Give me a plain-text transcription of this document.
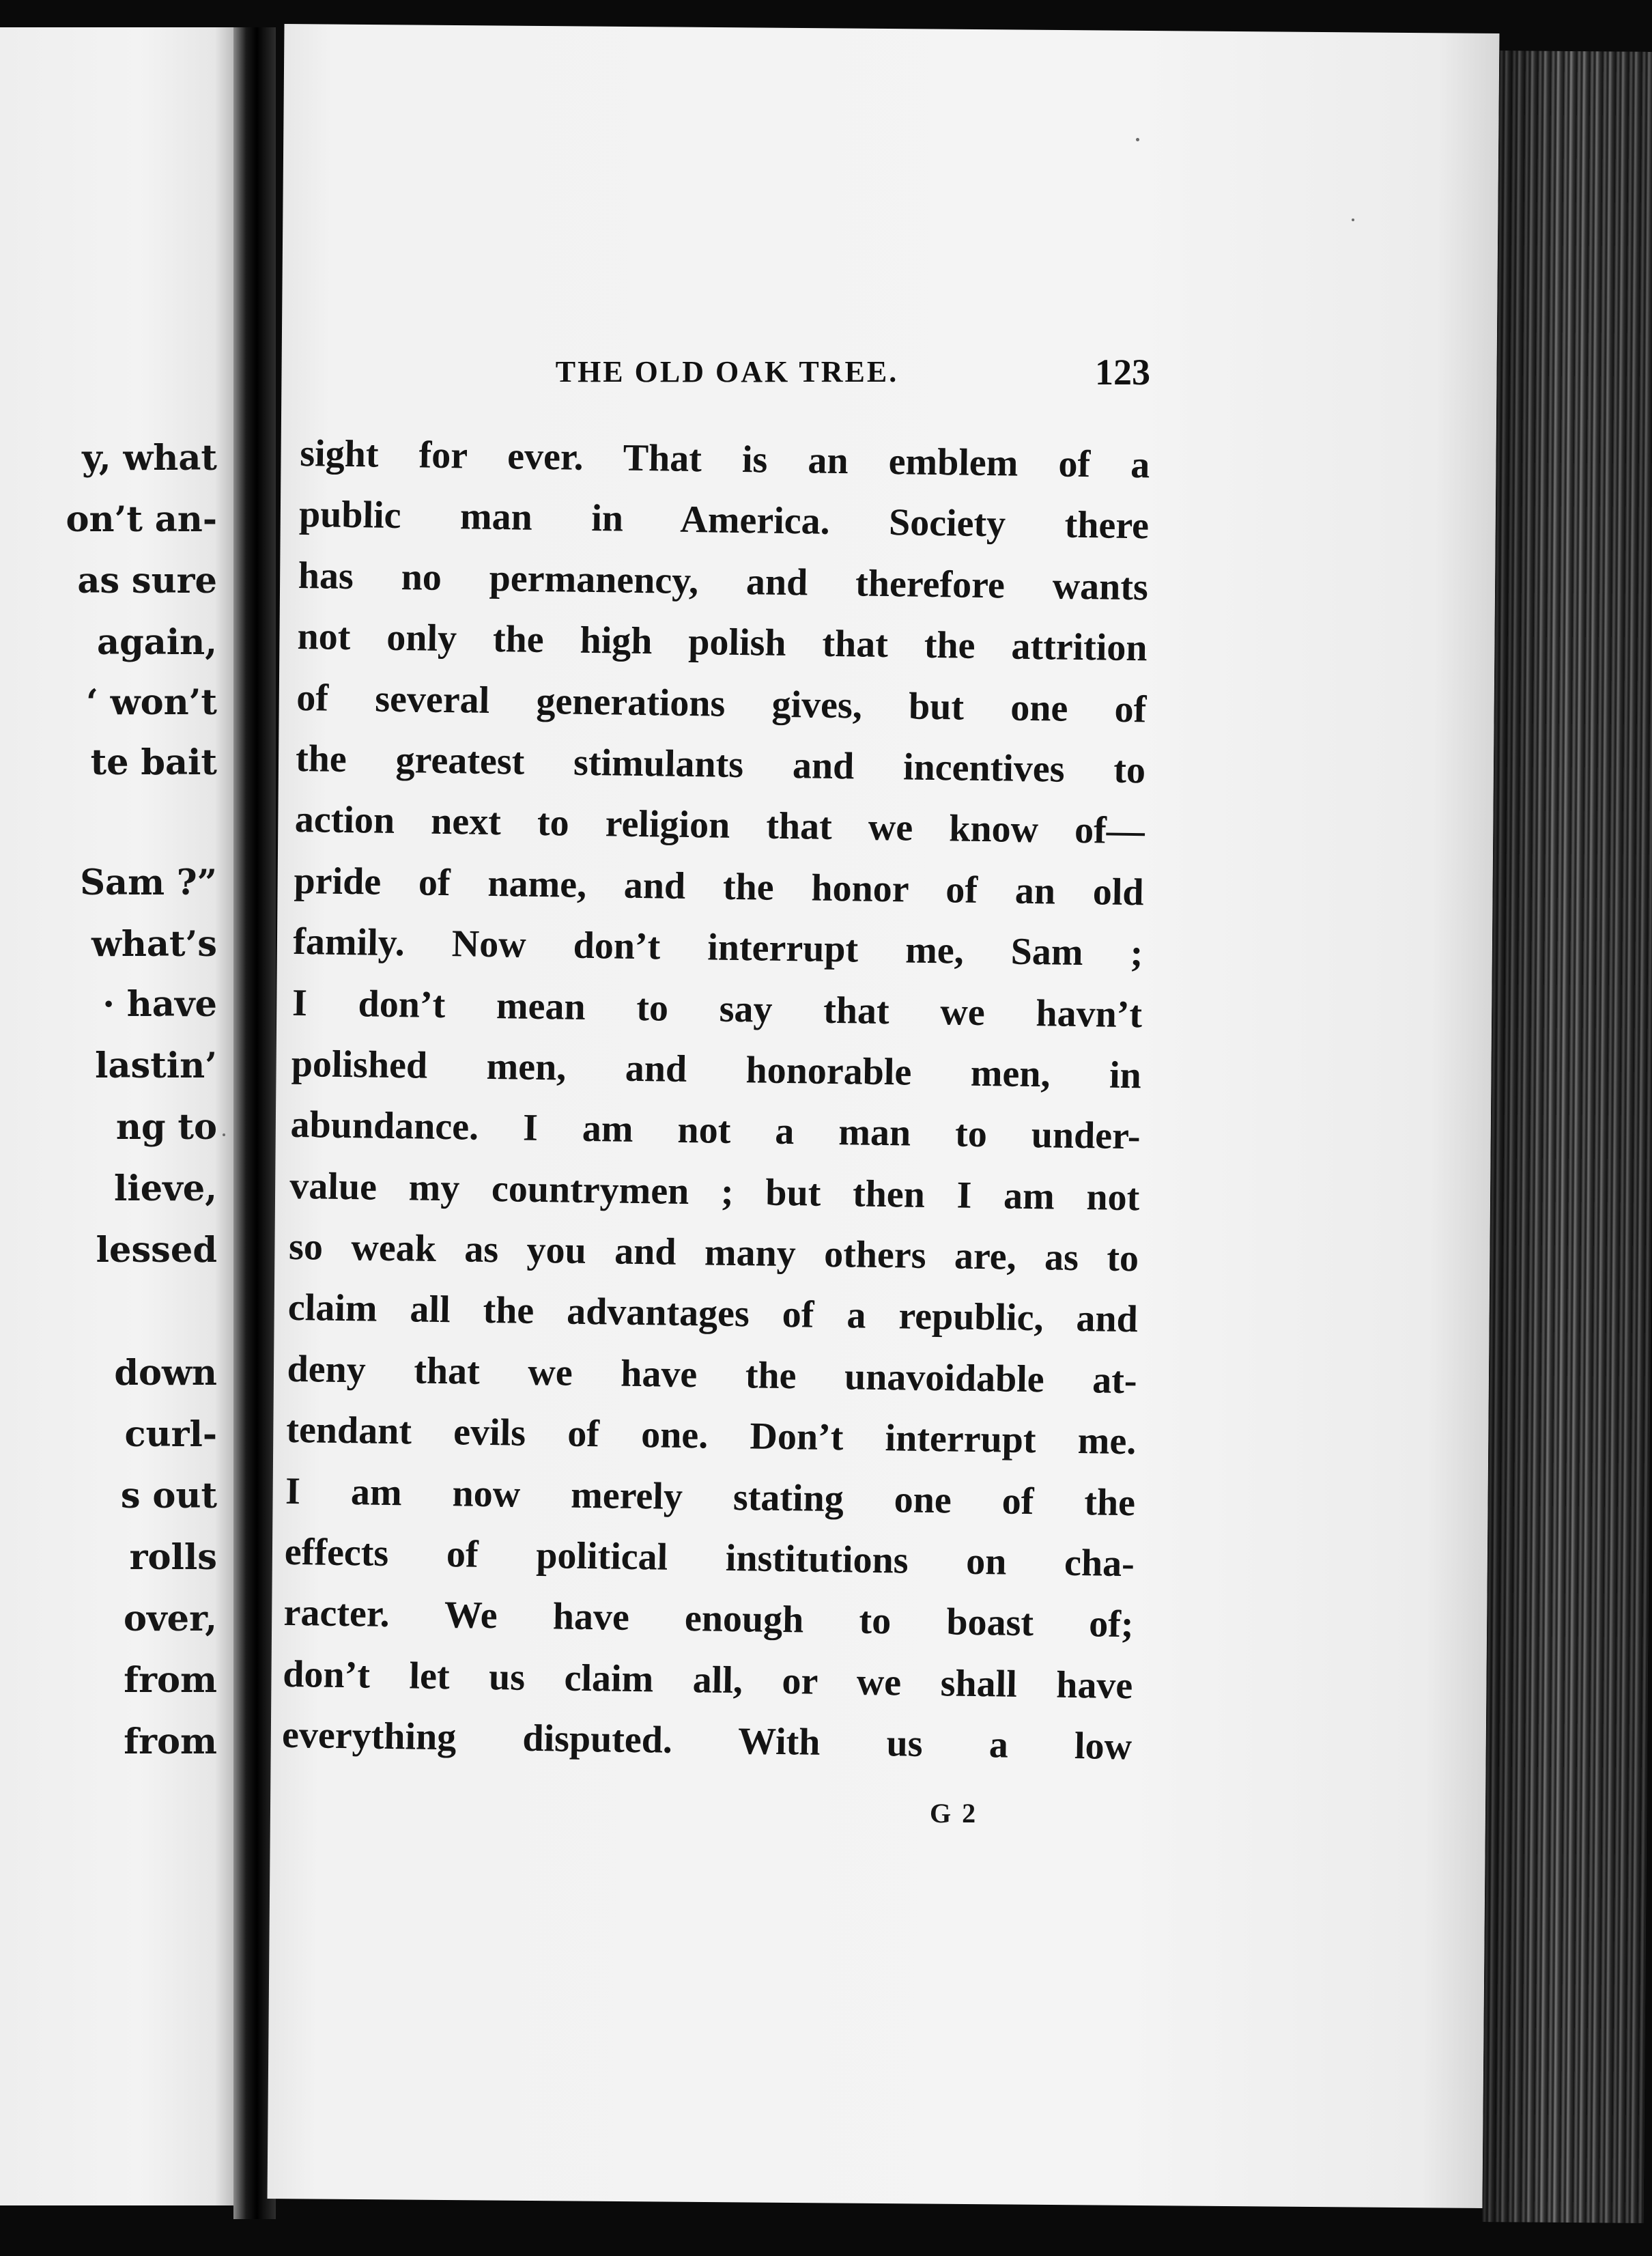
y, what

on’t an-

as sure

again,

‘ won’t

te bait

Sam ?”

what’s

· have

lastin’

ng to

lieve,

lessed

down

curl-

s out

rolls

over,

from

from

THE OLD OAK TREE.	123
sight for ever. That is an emblem of a
public man in America. Society there
has no permanency, and therefore wants
not only the high polish that the attrition
of several generations gives, but one of
the greatest stimulants and incentives to
action next to religion that we know of—
pride of name, and the honor of an old
family. Now don’t interrupt me, Sam ;
I don’t mean to say that we havn’t
polished men, and honorable men, in
abundance. I am not a man to under-
value my countrymen ; but then I am not
so weak as you and many others are, as to
claim all the advantages of a republic, and
deny that we have the unavoidable at-
tendant evils of one. Don’t interrupt me.
I am now merely stating one of the
effects of political institutions on cha-
racter. We have enough to boast of;
don’t let us claim all, or we shall have
everything disputed. With us a low
G 2
